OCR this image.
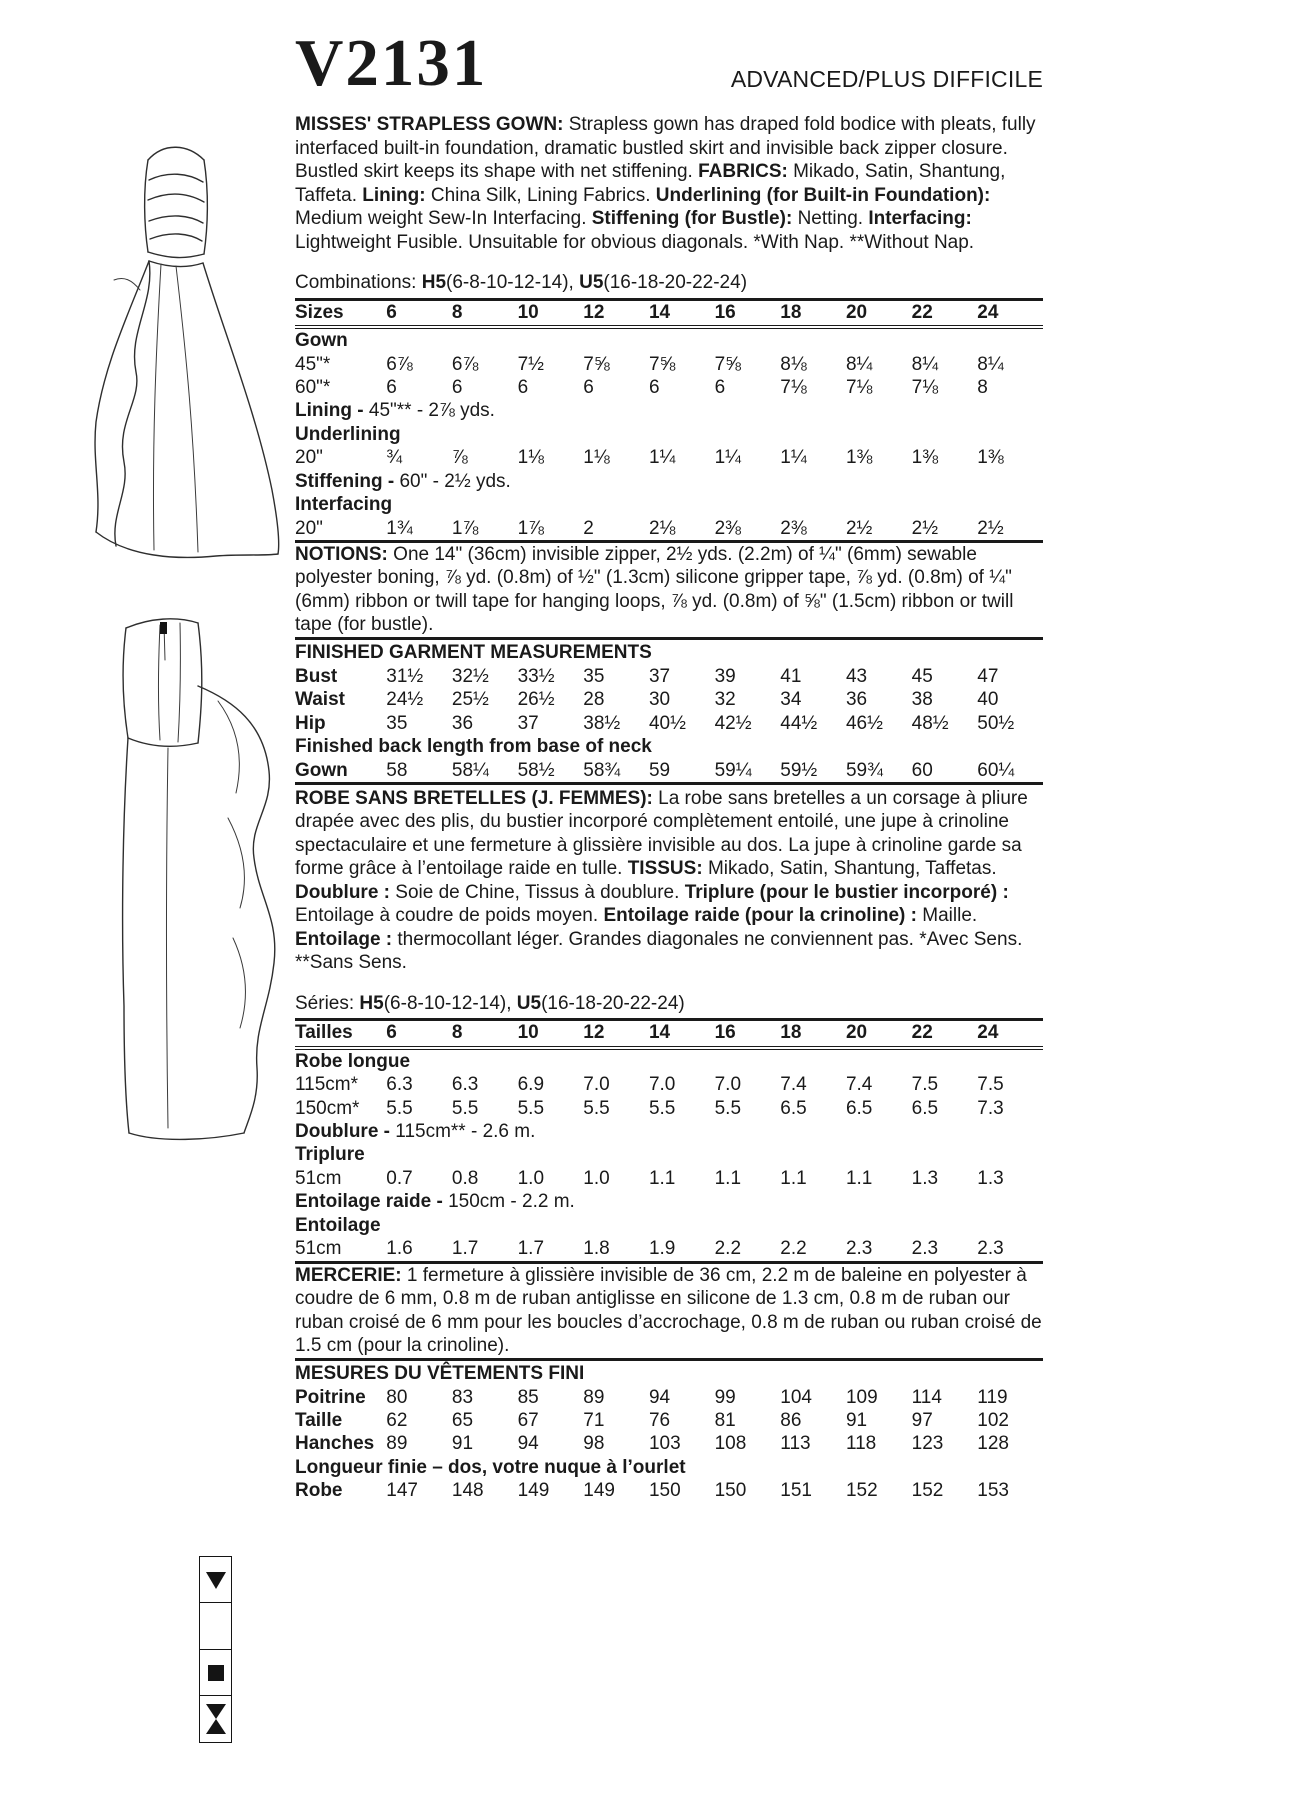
V2131	ADVANCED/PLUS DIFFICILE

MISSES' STRAPLESS GOWN: Strapless gown has draped fold bodice with pleats, fully interfaced built-in foundation, dramatic bustled skirt and invisible back zipper closure. Bustled skirt keeps its shape with net stiffening. FABRICS: Mikado, Satin, Shantung, Taffeta. Lining: China Silk, Lining Fabrics. Underlining (for Built-in Foundation): Medium weight Sew-In Interfacing. Stiffening (for Bustle): Netting. Interfacing: Lightweight Fusible. Unsuitable for obvious diagonals. *With Nap. **Without Nap.

Combinations: H5(6-8-10-12-14), U5(16-18-20-22-24)

Sizes	6	8	10	12	14	16	18	20	22	24
Gown										
45"*	6⅞	6⅞	7½	7⅝	7⅝	7⅝	8⅛	8¼	8¼	8¼
60"*	6	6	6	6	6	6	7⅛	7⅛	7⅛	8
Lining - 45"** - 2⅞ yds.										
Underlining										
20"	¾	⅞	1⅛	1⅛	1¼	1¼	1¼	1⅜	1⅜	1⅜
Stiffening - 60" - 2½ yds.										
Interfacing										
20"	1¾	1⅞	1⅞	2	2⅛	2⅜	2⅜	2½	2½	2½

NOTIONS: One 14" (36cm) invisible zipper, 2½ yds. (2.2m) of ¼" (6mm) sewable polyester boning, ⅞ yd. (0.8m) of ½" (1.3cm) silicone gripper tape, ⅞ yd. (0.8m) of ¼" (6mm) ribbon or twill tape for hanging loops, ⅞ yd. (0.8m) of ⅝" (1.5cm) ribbon or twill tape (for bustle).

FINISHED GARMENT MEASUREMENTS
Bust	31½	32½	33½	35	37	39	41	43	45	47
Waist	24½	25½	26½	28	30	32	34	36	38	40
Hip	35	36	37	38½	40½	42½	44½	46½	48½	50½
Finished back length from base of neck										
Gown	58	58¼	58½	58¾	59	59¼	59½	59¾	60	60¼

ROBE SANS BRETELLES (J. FEMMES): La robe sans bretelles a un corsage à pliure drapée avec des plis, du bustier incorporé complètement entoilé, une jupe à crinoline spectaculaire et une fermeture à glissière invisible au dos. La jupe à crinoline garde sa forme grâce à l’entoilage raide en tulle. TISSUS: Mikado, Satin, Shantung, Taffetas. Doublure : Soie de Chine, Tissus à doublure. Triplure (pour le bustier incorporé) : Entoilage à coudre de poids moyen. Entoilage raide (pour la crinoline) : Maille. Entoilage : thermocollant léger. Grandes diagonales ne conviennent pas. *Avec Sens. **Sans Sens.

Séries: H5(6-8-10-12-14), U5(16-18-20-22-24)

Tailles	6	8	10	12	14	16	18	20	22	24
Robe longue										
115cm*	6.3	6.3	6.9	7.0	7.0	7.0	7.4	7.4	7.5	7.5
150cm*	5.5	5.5	5.5	5.5	5.5	5.5	6.5	6.5	6.5	7.3
Doublure - 115cm** - 2.6 m.										
Triplure										
51cm	0.7	0.8	1.0	1.0	1.1	1.1	1.1	1.1	1.3	1.3
Entoilage raide - 150cm - 2.2 m.										
Entoilage										
51cm	1.6	1.7	1.7	1.8	1.9	2.2	2.2	2.3	2.3	2.3

MERCERIE: 1 fermeture à glissière invisible de 36 cm, 2.2 m de baleine en polyester à coudre de 6 mm, 0.8 m de ruban antiglisse en silicone de 1.3 cm, 0.8 m de ruban our ruban croisé de 6 mm pour les boucles d’accrochage, 0.8 m de ruban ou ruban croisé de 1.5 cm (pour la crinoline).

MESURES DU VÊTEMENTS FINI
Poitrine	80	83	85	89	94	99	104	109	114	119
Taille	62	65	67	71	76	81	86	91	97	102
Hanches	89	91	94	98	103	108	113	118	123	128
Longueur finie – dos, votre nuque à l’ourlet										
Robe	147	148	149	149	150	150	151	152	152	153
